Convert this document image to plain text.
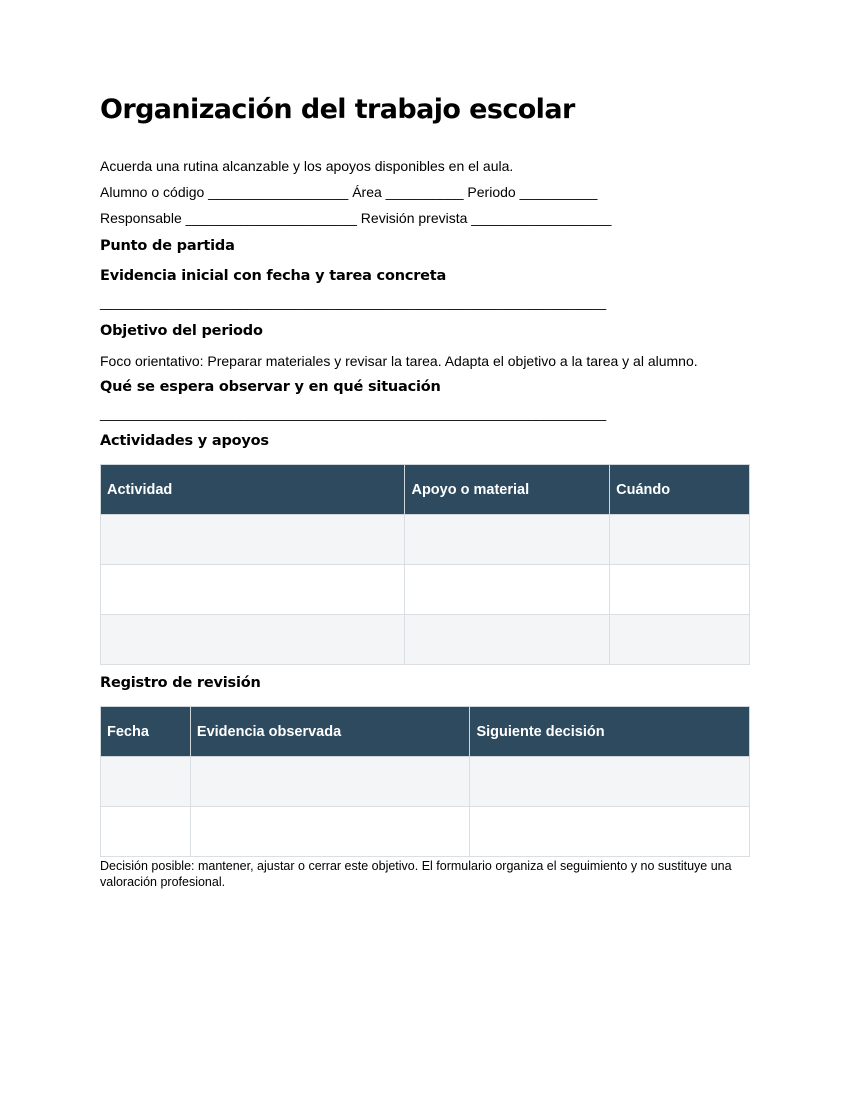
Organización del trabajo escolar
Acuerda una rutina alcanzable y los apoyos disponibles en el aula.
Alumno o código __________________ Área __________ Periodo __________
Responsable ______________________ Revisión prevista __________________
Punto de partida
Evidencia inicial con fecha y tarea concreta
_________________________________________________________________
Objetivo del periodo
Foco orientativo: Preparar materiales y revisar la tarea. Adapta el objetivo a la tarea y al alumno.
Qué se espera observar y en qué situación
_________________________________________________________________
Actividades y apoyos
Actividad	Apoyo o material	Cuándo

Registro de revisión
Fecha	Evidencia observada	Siguiente decisión

Decisión posible: mantener, ajustar o cerrar este objetivo. El formulario organiza el seguimiento y no sustituye una valoración profesional.
